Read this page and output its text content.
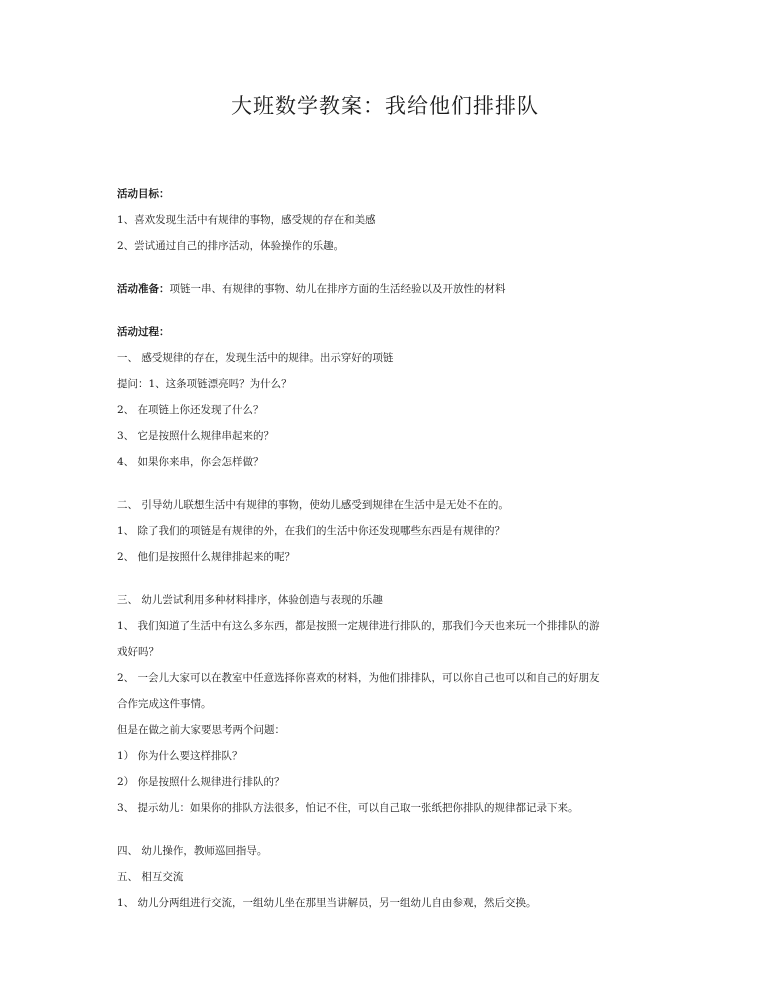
大班数学教案：我给他们排排队
活动目标：
1、喜欢发现生活中有规律的事物，感受规的存在和美感
2、尝试通过自己的排序活动，体验操作的乐趣。
活动准备：项链一串、有规律的事物、幼儿在排序方面的生活经验以及开放性的材料
活动过程：
一、 感受规律的存在，发现生活中的规律。出示穿好的项链
提问：1、这条项链漂亮吗？为什么？
2、 在项链上你还发现了什么？
3、 它是按照什么规律串起来的？
4、 如果你来串，你会怎样做？
二、 引导幼儿联想生活中有规律的事物，使幼儿感受到规律在生活中是无处不在的。
1、 除了我们的项链是有规律的外，在我们的生活中你还发现哪些东西是有规律的？
2、 他们是按照什么规律排起来的呢？
三、 幼儿尝试利用多种材料排序，体验创造与表现的乐趣
1、 我们知道了生活中有这么多东西，都是按照一定规律进行排队的，那我们今天也来玩一个排排队的游
戏好吗？
2、 一会儿大家可以在教室中任意选择你喜欢的材料，为他们排排队，可以你自己也可以和自己的好朋友
合作完成这件事情。
但是在做之前大家要思考两个问题：
1） 你为什么要这样排队？
2） 你是按照什么规律进行排队的？
3、 提示幼儿：如果你的排队方法很多，怕记不住，可以自己取一张纸把你排队的规律都记录下来。
四、 幼儿操作，教师巡回指导。
五、 相互交流
1、 幼儿分两组进行交流，一组幼儿坐在那里当讲解员，另一组幼儿自由参观，然后交换。
